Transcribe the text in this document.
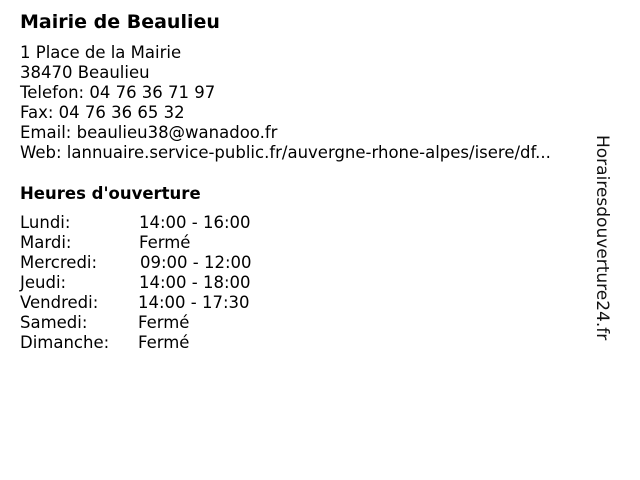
Mairie de Beaulieu
1 Place de la Mairie
38470 Beaulieu
Telefon: 04 76 36 71 97
Fax: 04 76 36 65 32
Email: beaulieu38@wanadoo.fr
Web: lannuaire.service-public.fr/auvergne-rhone-alpes/isere/df...
Heures d'ouverture
Lundi:	14:00 - 16:00
Mardi:	Fermé
Mercredi:	09:00 - 12:00
Jeudi:	14:00 - 18:00
Vendredi: 14:00 - 17:30
Samedi:	Fermé
Dimanche: Fermé
Horairesdouverture24.fr
